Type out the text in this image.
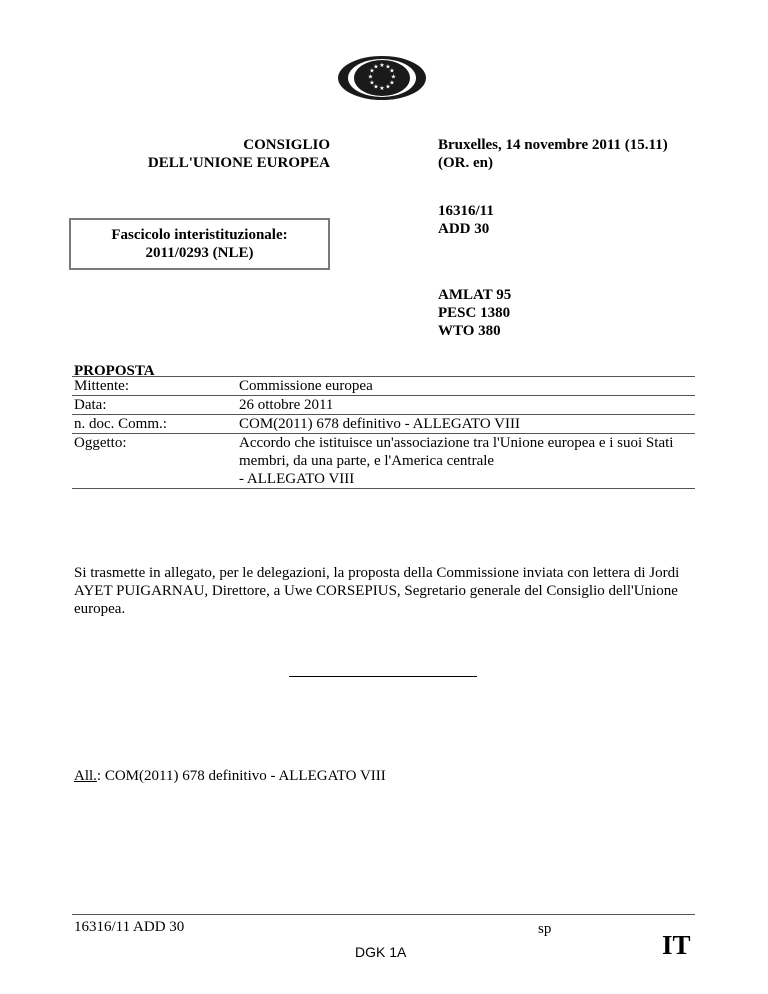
★ ★
★
★
★
★
★
★
★
★
★
★
CONSIGLIO
DELL'UNIONE EUROPEA
Bruxelles, 14 novembre 2011 (15.11)
(OR. en)
16316/11
ADD 30
AMLAT 95
PESC 1380
WTO 380
Fascicolo interistituzionale:
2011/0293 (NLE)
PROPOSTA
Mittente:	Commissione europea
Data:	26 ottobre 2011
n. doc. Comm.:	COM(2011) 678 definitivo - ALLEGATO VIII
Oggetto:	Accordo che istituisce un'associazione tra l'Unione europea e i suoi Stati membri, da una parte, e l'America centrale
- ALLEGATO VIII
Si trasmette in allegato, per le delegazioni, la proposta della Commissione inviata con lettera di Jordi AYET PUIGARNAU, Direttore, a Uwe CORSEPIUS, Segretario generale del Consiglio dell'Unione europea.
All.: COM(2011) 678 definitivo - ALLEGATO VIII
16316/11 ADD 30	sp
DGK 1A	IT
